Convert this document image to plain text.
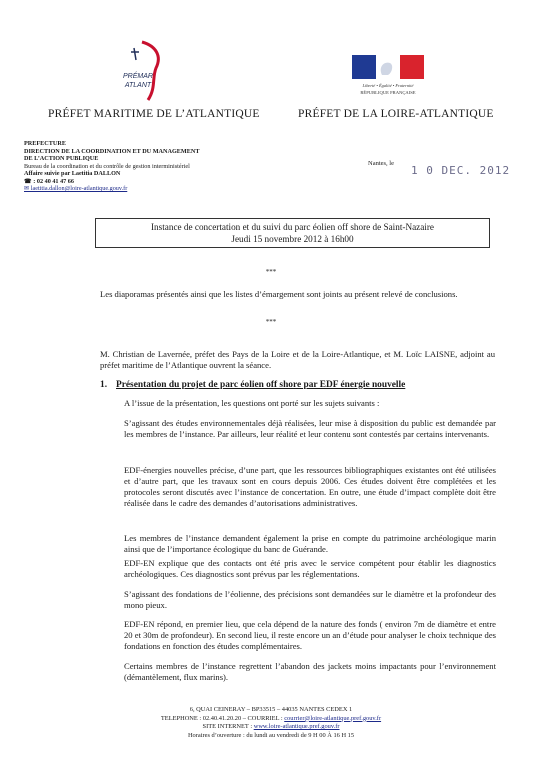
PRÉMAR
ATLANT
PRÉFET MARITIME DE L’ATLANTIQUE
Liberté • Égalité • Fraternité
RÉPUBLIQUE FRANÇAISE
PRÉFET DE LA LOIRE-ATLANTIQUE
PREFECTURE
DIRECTION DE LA COORDINATION ET DU MANAGEMENT
DE L’ACTION PUBLIQUE
Bureau de la coordination et du contrôle de gestion interministériel
Affaire suivie par Laetitia DALLON
☎ : 02 40 41 47 66
✉ laetitia.dallon@loire-atlantique.gouv.fr
Nantes, le
1 0 DEC. 2012
Instance de concertation et du suivi du parc éolien off shore de Saint-Nazaire
Jeudi 15 novembre 2012 à 16h00
***
Les diaporamas présentés ainsi que les listes d’émargement sont joints au présent relevé de conclusions.
***
M. Christian de Lavernée, préfet des Pays de la Loire et de la Loire-Atlantique, et M. Loïc LAISNE, adjoint au préfet maritime de l’Atlantique ouvrent la séance.
1. Présentation du projet de parc éolien off shore par EDF énergie nouvelle
A l’issue de la présentation, les questions ont porté sur les sujets suivants :
S’agissant des études environnementales déjà réalisées, leur mise à disposition du public est demandée par les membres de l’instance. Par ailleurs, leur réalité et leur contenu sont contestés par certains intervenants.
EDF-énergies nouvelles précise, d’une part, que les ressources bibliographiques existantes ont été utilisées et d’autre part, que les travaux sont en cours depuis 2006. Ces études doivent être complétées et les protocoles seront discutés avec l’instance de concertation. En outre, une étude d’impact complète doit être réalisée dans le cadre des demandes d’autorisations administratives.
Les membres de l’instance demandent également la prise en compte du patrimoine archéologique marin ainsi que de l’importance écologique du banc de Guérande.
EDF-EN explique que des contacts ont été pris avec le service compétent pour établir les diagnostics archéologiques. Ces diagnostics sont prévus par les réglementations.
S’agissant des fondations de l’éolienne, des précisions sont demandées sur le diamètre et la profondeur des mono pieux.
EDF-EN répond, en premier lieu, que cela dépend de la nature des fonds ( environ 7m de diamètre et entre 20 et 30m de profondeur). En second lieu, il reste encore un an d’étude pour analyser le choix technique des fondations en fonction des études complémentaires.
Certains membres de l’instance regrettent l’abandon des jackets moins impactants pour l’environnement (démantèlement, flux marins).
6, QUAI CEINERAY – BP33515 – 44035 NANTES CEDEX 1
TELEPHONE : 02.40.41.20.20 – COURRIEL : courrier@loire-atlantique.pref.gouv.fr
SITE INTERNET : www.loire-atlantique.pref.gouv.fr
Horaires d’ouverture : du lundi au vendredi de 9 H 00 À 16 H 15
